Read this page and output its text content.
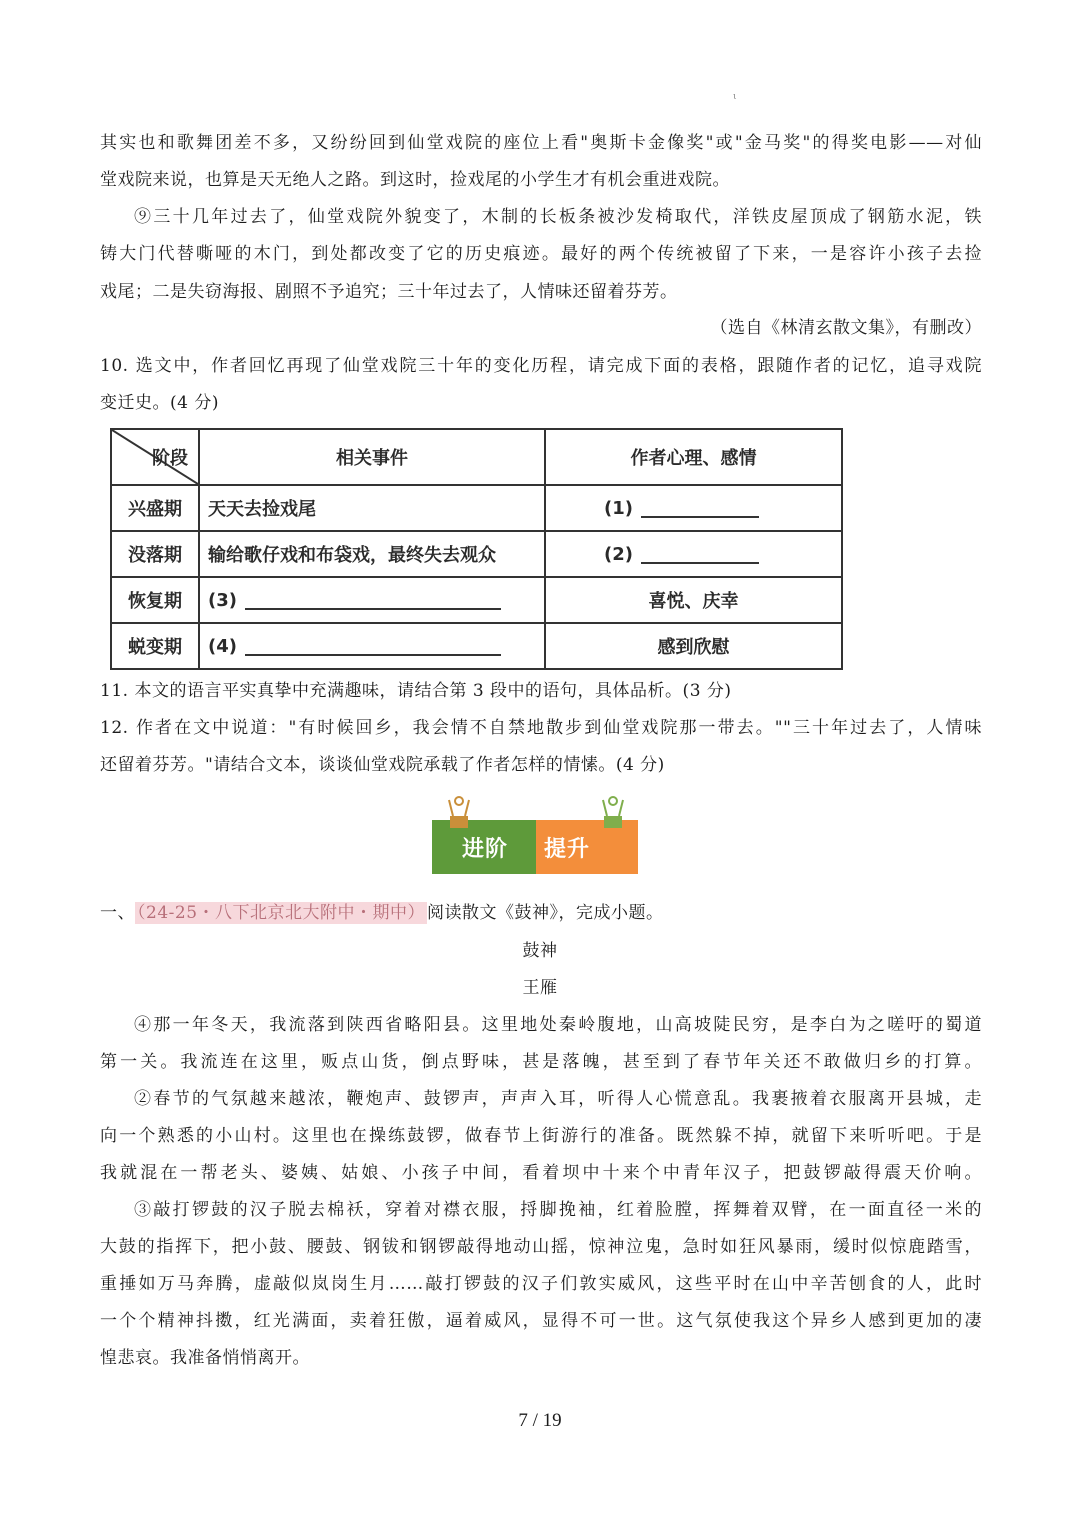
ι
其实也和歌舞团差不多，又纷纷回到仙堂戏院的座位上看"奥斯卡金像奖"或"金马奖"的得奖电影——对仙
堂戏院来说，也算是天无绝人之路。到这时，捡戏尾的小学生才有机会重进戏院。
⑨三十几年过去了，仙堂戏院外貌变了，木制的长板条被沙发椅取代，洋铁皮屋顶成了钢筋水泥，铁
铸大门代替嘶哑的木门，到处都改变了它的历史痕迹。最好的两个传统被留了下来，一是容许小孩子去捡
戏尾；二是失窃海报、剧照不予追究；三十年过去了，人情味还留着芬芳。
（选自《林清玄散文集》，有删改）
10. 选文中，作者回忆再现了仙堂戏院三十年的变化历程，请完成下面的表格，跟随作者的记忆，追寻戏院
变迁史。(4 分)
阶段	相关事件	作者心理、感情
兴盛期	天天去捡戏尾	(1)
没落期	输给歌仔戏和布袋戏，最终失去观众	(2)
恢复期	(3)	喜悦、庆幸
蜕变期	(4)	感到欣慰
11. 本文的语言平实真挚中充满趣味，请结合第 3 段中的语句，具体品析。(3 分)
12. 作者在文中说道："有时候回乡，我会情不自禁地散步到仙堂戏院那一带去。""三十年过去了，人情味
还留着芬芳。"请结合文本，谈谈仙堂戏院承载了作者怎样的情愫。(4 分)
进阶 提升
一、 （24-25・八下北京北大附中・期中） 阅读散文《鼓神》，完成小题。
鼓神
王雁
④那一年冬天，我流落到陕西省略阳县。这里地处秦岭腹地，山高坡陡民穷，是李白为之嗟吁的蜀道
第一关。我流连在这里，贩点山货，倒点野味，甚是落魄，甚至到了春节年关还不敢做归乡的打算。
②春节的气氛越来越浓，鞭炮声、鼓锣声，声声入耳，听得人心慌意乱。我裹掖着衣服离开县城，走
向一个熟悉的小山村。这里也在操练鼓锣，做春节上街游行的准备。既然躲不掉，就留下来听听吧。于是
我就混在一帮老头、婆姨、姑娘、小孩子中间，看着坝中十来个中青年汉子，把鼓锣敲得震天价响。
③敲打锣鼓的汉子脱去棉袄，穿着对襟衣服，捋脚挽袖，红着脸膛，挥舞着双臂，在一面直径一米的
大鼓的指挥下，把小鼓、腰鼓、钢钹和钢锣敲得地动山摇，惊神泣鬼，急时如狂风暴雨，缓时似惊鹿踏雪，
重捶如万马奔腾，虚敲似岚岗生月……敲打锣鼓的汉子们敦实威风，这些平时在山中辛苦刨食的人，此时
一个个精神抖擞，红光满面，卖着狂傲，逼着威风，显得不可一世。这气氛使我这个异乡人感到更加的凄
惶悲哀。我准备悄悄离开。
7 / 19
